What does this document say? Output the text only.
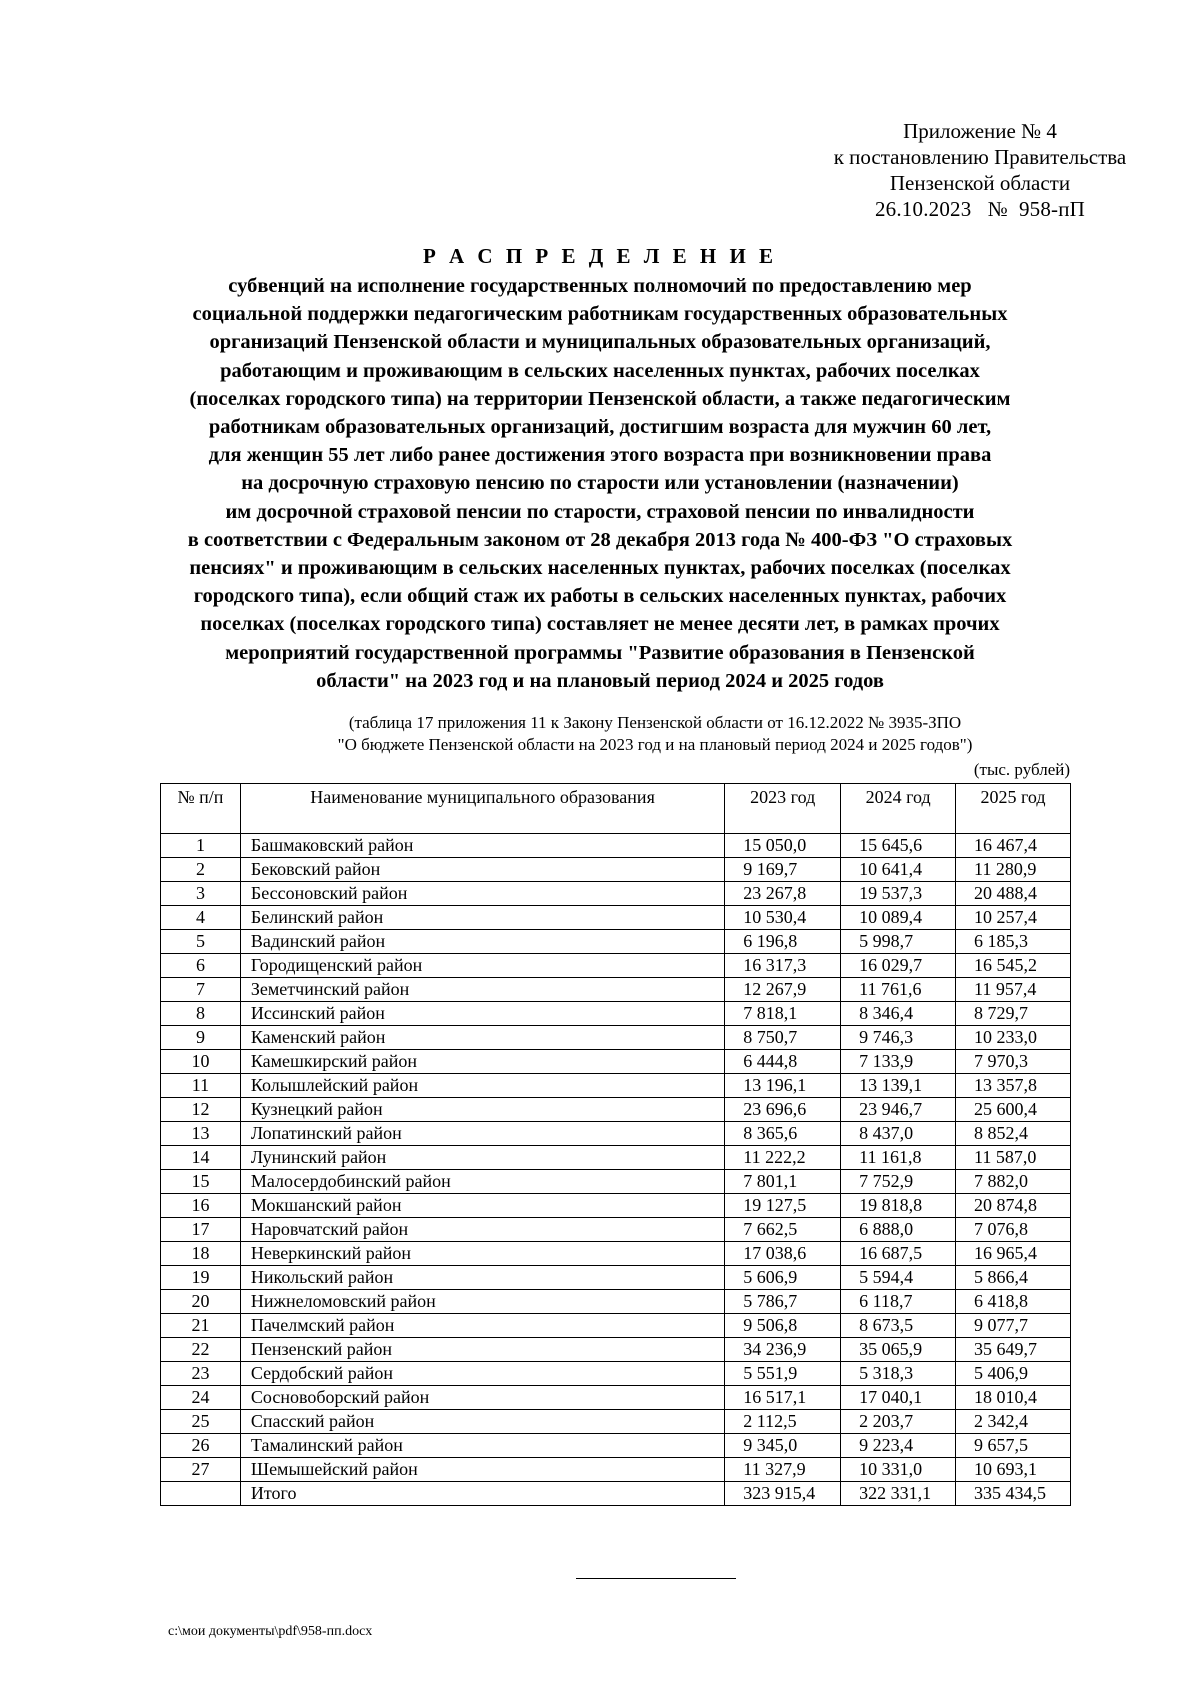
Приложение № 4
к постановлению Правительства
Пензенской области
26.10.2023   №  958-пП
Р А С П Р Е Д Е Л Е Н И Е
субвенций на исполнение государственных полномочий по предоставлению мер
социальной поддержки педагогическим работникам государственных образовательных
организаций Пензенской области и муниципальных образовательных организаций,
работающим и проживающим в сельских населенных пунктах, рабочих поселках
(поселках городского типа) на территории Пензенской области, а также педагогическим
работникам образовательных организаций, достигшим возраста для мужчин 60 лет,
для женщин 55 лет либо ранее достижения этого возраста при возникновении права
на досрочную страховую пенсию по старости или установлении (назначении)
им досрочной страховой пенсии по старости, страховой пенсии по инвалидности
в соответствии с Федеральным законом от 28 декабря 2013 года № 400-ФЗ "О страховых
пенсиях" и проживающим в сельских населенных пунктах, рабочих поселках (поселках
городского типа), если общий стаж их работы в сельских населенных пунктах, рабочих
поселках (поселках городского типа) составляет не менее десяти лет, в рамках прочих
мероприятий государственной программы "Развитие образования в Пензенской
области" на 2023 год и на плановый период 2024 и 2025 годов
(таблица 17 приложения 11 к Закону Пензенской области от 16.12.2022 № 3935-ЗПО
"О бюджете Пензенской области на 2023 год и на плановый период 2024 и 2025 годов")
(тыс. рублей)
№ п/п	Наименование муниципального образования	2023 год	2024 год	2025 год
1	Башмаковский район	15 050,0	15 645,6	16 467,4
2	Бековский район	9 169,7	10 641,4	11 280,9
3	Бессоновский район	23 267,8	19 537,3	20 488,4
4	Белинский район	10 530,4	10 089,4	10 257,4
5	Вадинский район	6 196,8	5 998,7	6 185,3
6	Городищенский район	16 317,3	16 029,7	16 545,2
7	Земетчинский район	12 267,9	11 761,6	11 957,4
8	Иссинский район	7 818,1	8 346,4	8 729,7
9	Каменский район	8 750,7	9 746,3	10 233,0
10	Камешкирский район	6 444,8	7 133,9	7 970,3
11	Колышлейский район	13 196,1	13 139,1	13 357,8
12	Кузнецкий район	23 696,6	23 946,7	25 600,4
13	Лопатинский район	8 365,6	8 437,0	8 852,4
14	Лунинский район	11 222,2	11 161,8	11 587,0
15	Малосердобинский район	7 801,1	7 752,9	7 882,0
16	Мокшанский район	19 127,5	19 818,8	20 874,8
17	Наровчатский район	7 662,5	6 888,0	7 076,8
18	Неверкинский район	17 038,6	16 687,5	16 965,4
19	Никольский район	5 606,9	5 594,4	5 866,4
20	Нижнеломовский район	5 786,7	6 118,7	6 418,8
21	Пачелмский район	9 506,8	8 673,5	9 077,7
22	Пензенский район	34 236,9	35 065,9	35 649,7
23	Сердобский район	5 551,9	5 318,3	5 406,9
24	Сосновоборский район	16 517,1	17 040,1	18 010,4
25	Спасский район	2 112,5	2 203,7	2 342,4
26	Тамалинский район	9 345,0	9 223,4	9 657,5
27	Шемышейский район	11 327,9	10 331,0	10 693,1
	Итого	323 915,4	322 331,1	335 434,5
c:\мои документы\pdf\958-пп.docx
